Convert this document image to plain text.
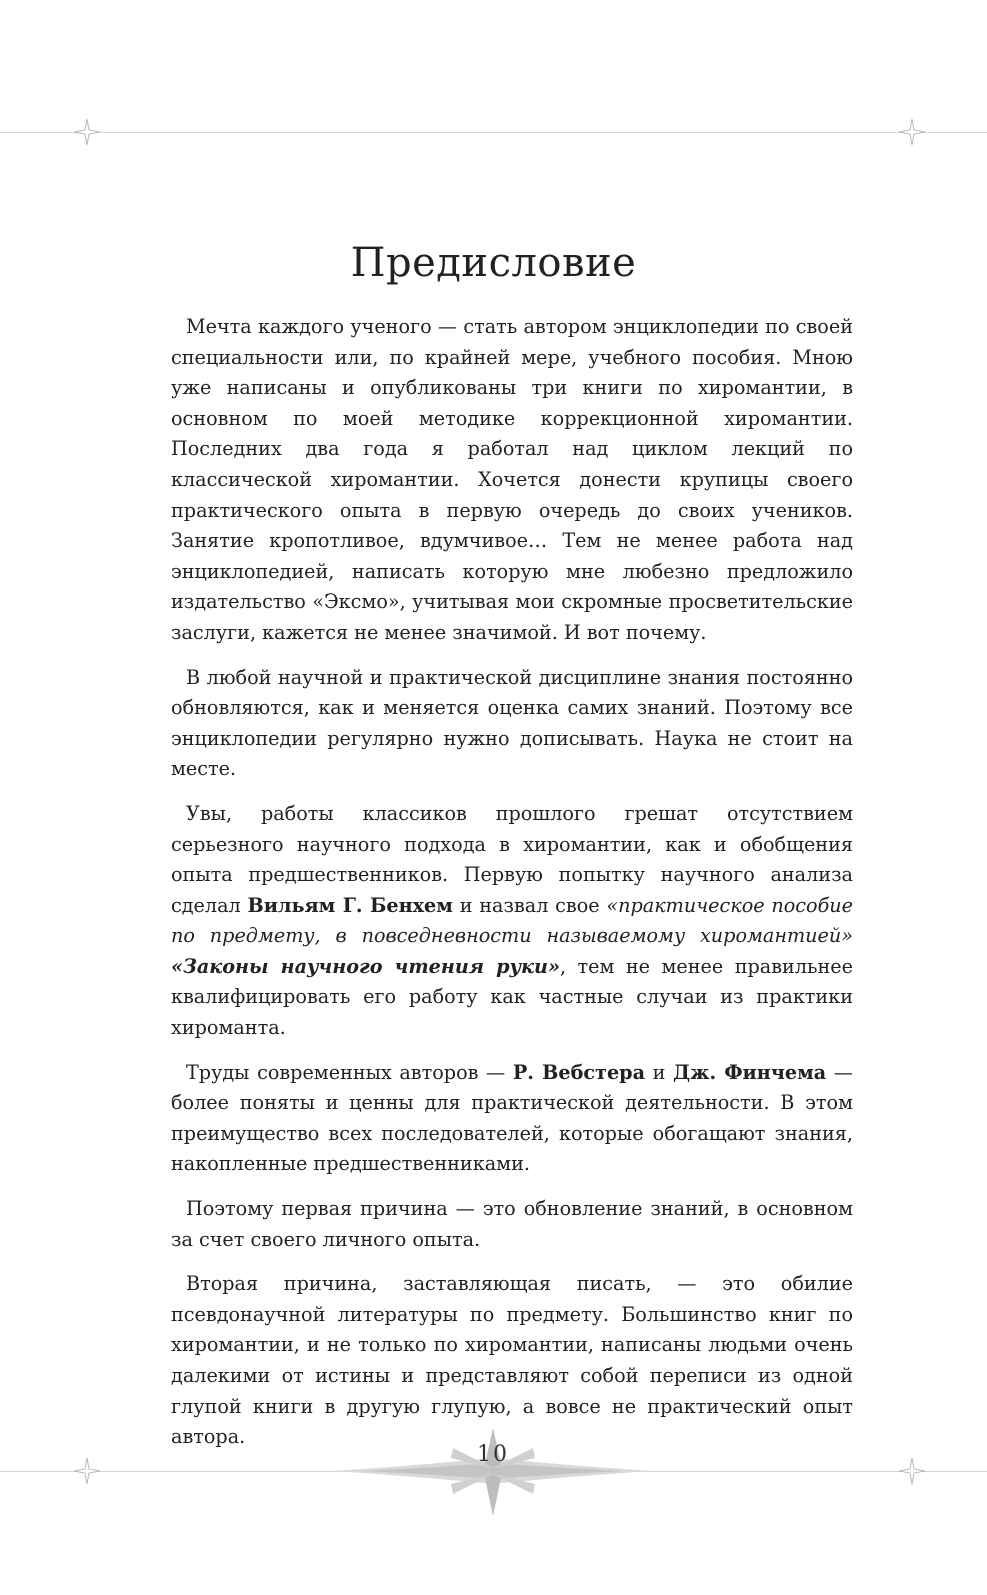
Предисловие

Мечта каждого ученого — стать автором энциклопедии по своей специальности или, по крайней мере, учебного пособия. Мною уже написаны и опубликованы три книги по хиромантии, в основном по моей методике коррекционной хиромантии. Последних два года я работал над циклом лекций по классической хиромантии. Хочется донести крупицы своего практического опыта в первую очередь до своих учеников. Занятие кропотливое, вдумчивое… Тем не менее работа над энциклопедией, написать которую мне любезно предложило издательство «Эксмо», учитывая мои скромные просветительские заслуги, кажется не менее значимой. И вот почему.

В любой научной и практической дисциплине знания постоянно обновляются, как и меняется оценка самих знаний. Поэтому все энциклопедии регулярно нужно дописывать. Наука не стоит на месте.

Увы, работы классиков прошлого грешат отсутствием серьезного научного подхода в хиромантии, как и обобщения опыта предшественников. Первую попытку научного анализа сделал Вильям Г. Бенхем и назвал свое «практическое пособие по предмету, в повседневности называемому хиромантией» «Законы научного чтения руки», тем не менее правильнее квалифицировать его работу как частные случаи из практики хироманта.

Труды современных авторов — Р. Вебстера и Дж. Финчема — более поняты и ценны для практической деятельности. В этом преимущество всех последователей, которые обогащают знания, накопленные предшественниками.

Поэтому первая причина — это обновление знаний, в основном за счет своего личного опыта.

Вторая причина, заставляющая писать, — это обилие псевдонаучной литературы по предмету. Большинство книг по хиромантии, и не только по хиромантии, написаны людьми очень далекими от истины и представляют собой переписи из одной глупой книги в другую глупую, а вовсе не практический опыт автора.

10
